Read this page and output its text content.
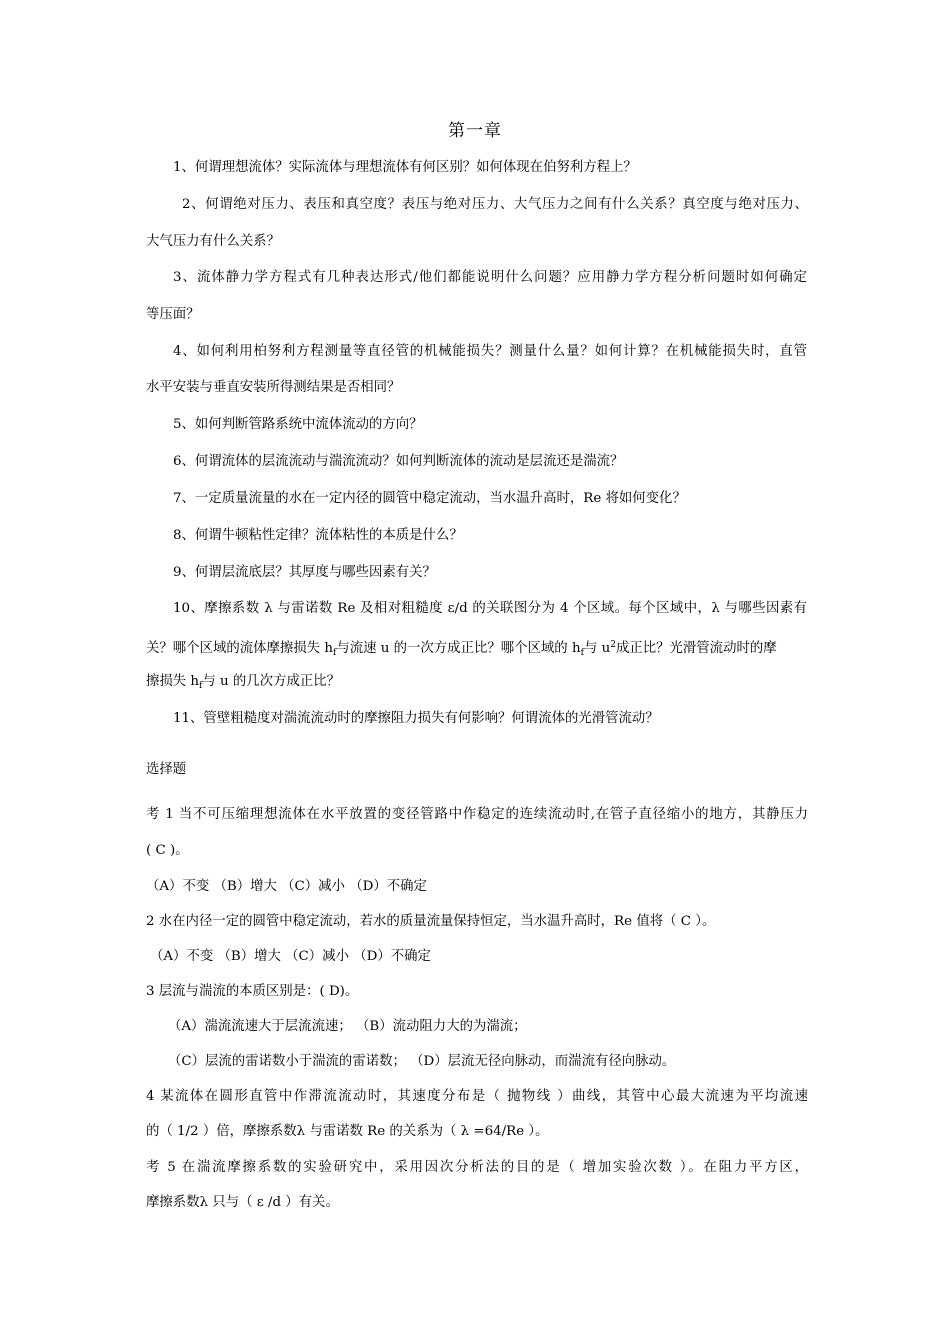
第一章
1、何谓理想流体？实际流体与理想流体有何区别？如何体现在伯努利方程上？
2、何谓绝对压力、表压和真空度？表压与绝对压力、大气压力之间有什么关系？真空度与绝对压力、
大气压力有什么关系？
3、流体静力学方程式有几种表达形式/他们都能说明什么问题？应用静力学方程分析问题时如何确定
等压面？
4、如何利用柏努利方程测量等直径管的机械能损失？测量什么量？如何计算？在机械能损失时，直管
水平安装与垂直安装所得测结果是否相同？
5、如何判断管路系统中流体流动的方向？
6、何谓流体的层流流动与湍流流动？如何判断流体的流动是层流还是湍流？
7、一定质量流量的水在一定内径的圆管中稳定流动，当水温升高时，Re 将如何变化？
8、何谓牛顿粘性定律？流体粘性的本质是什么？
9、何谓层流底层？其厚度与哪些因素有关？
10、摩擦系数 λ 与雷诺数 Re 及相对粗糙度 ε/d 的关联图分为 4 个区域。每个区域中，λ 与哪些因素有
关？哪个区域的流体摩擦损失 $h_f$与流速 u 的一次方成正比？哪个区域的 $h_f$与 $u^2$成正比？光滑管流动时的摩
擦损失 $h_f$与 u 的几次方成正比？
11、管壁粗糙度对湍流流动时的摩擦阻力损失有何影响？何谓流体的光滑管流动？
选择题
考 1 当不可压缩理想流体在水平放置的变径管路中作稳定的连续流动时,在管子直径缩小的地方，其静压力
( C )。
（A）不变 （B）增大 （C）减小 （D）不确定
2 水在内径一定的圆管中稳定流动，若水的质量流量保持恒定，当水温升高时，Re 值将（ C ）。
（A）不变 （B）增大 （C）减小 （D）不确定
3 层流与湍流的本质区别是：( D)。
（A）湍流流速大于层流流速； （B）流动阻力大的为湍流；
（C）层流的雷诺数小于湍流的雷诺数； （D）层流无径向脉动，而湍流有径向脉动。
4 某流体在圆形直管中作滞流流动时，其速度分布是（ 抛物线 ）曲线，其管中心最大流速为平均流速
的（ 1/2 ）倍，摩擦系数λ 与雷诺数 Re 的关系为（ λ =64/Re ）。
考 5 在湍流摩擦系数的实验研究中，采用因次分析法的目的是（ 增加实验次数 ）。在阻力平方区，
摩擦系数λ 只与（ ε /d ）有关。
